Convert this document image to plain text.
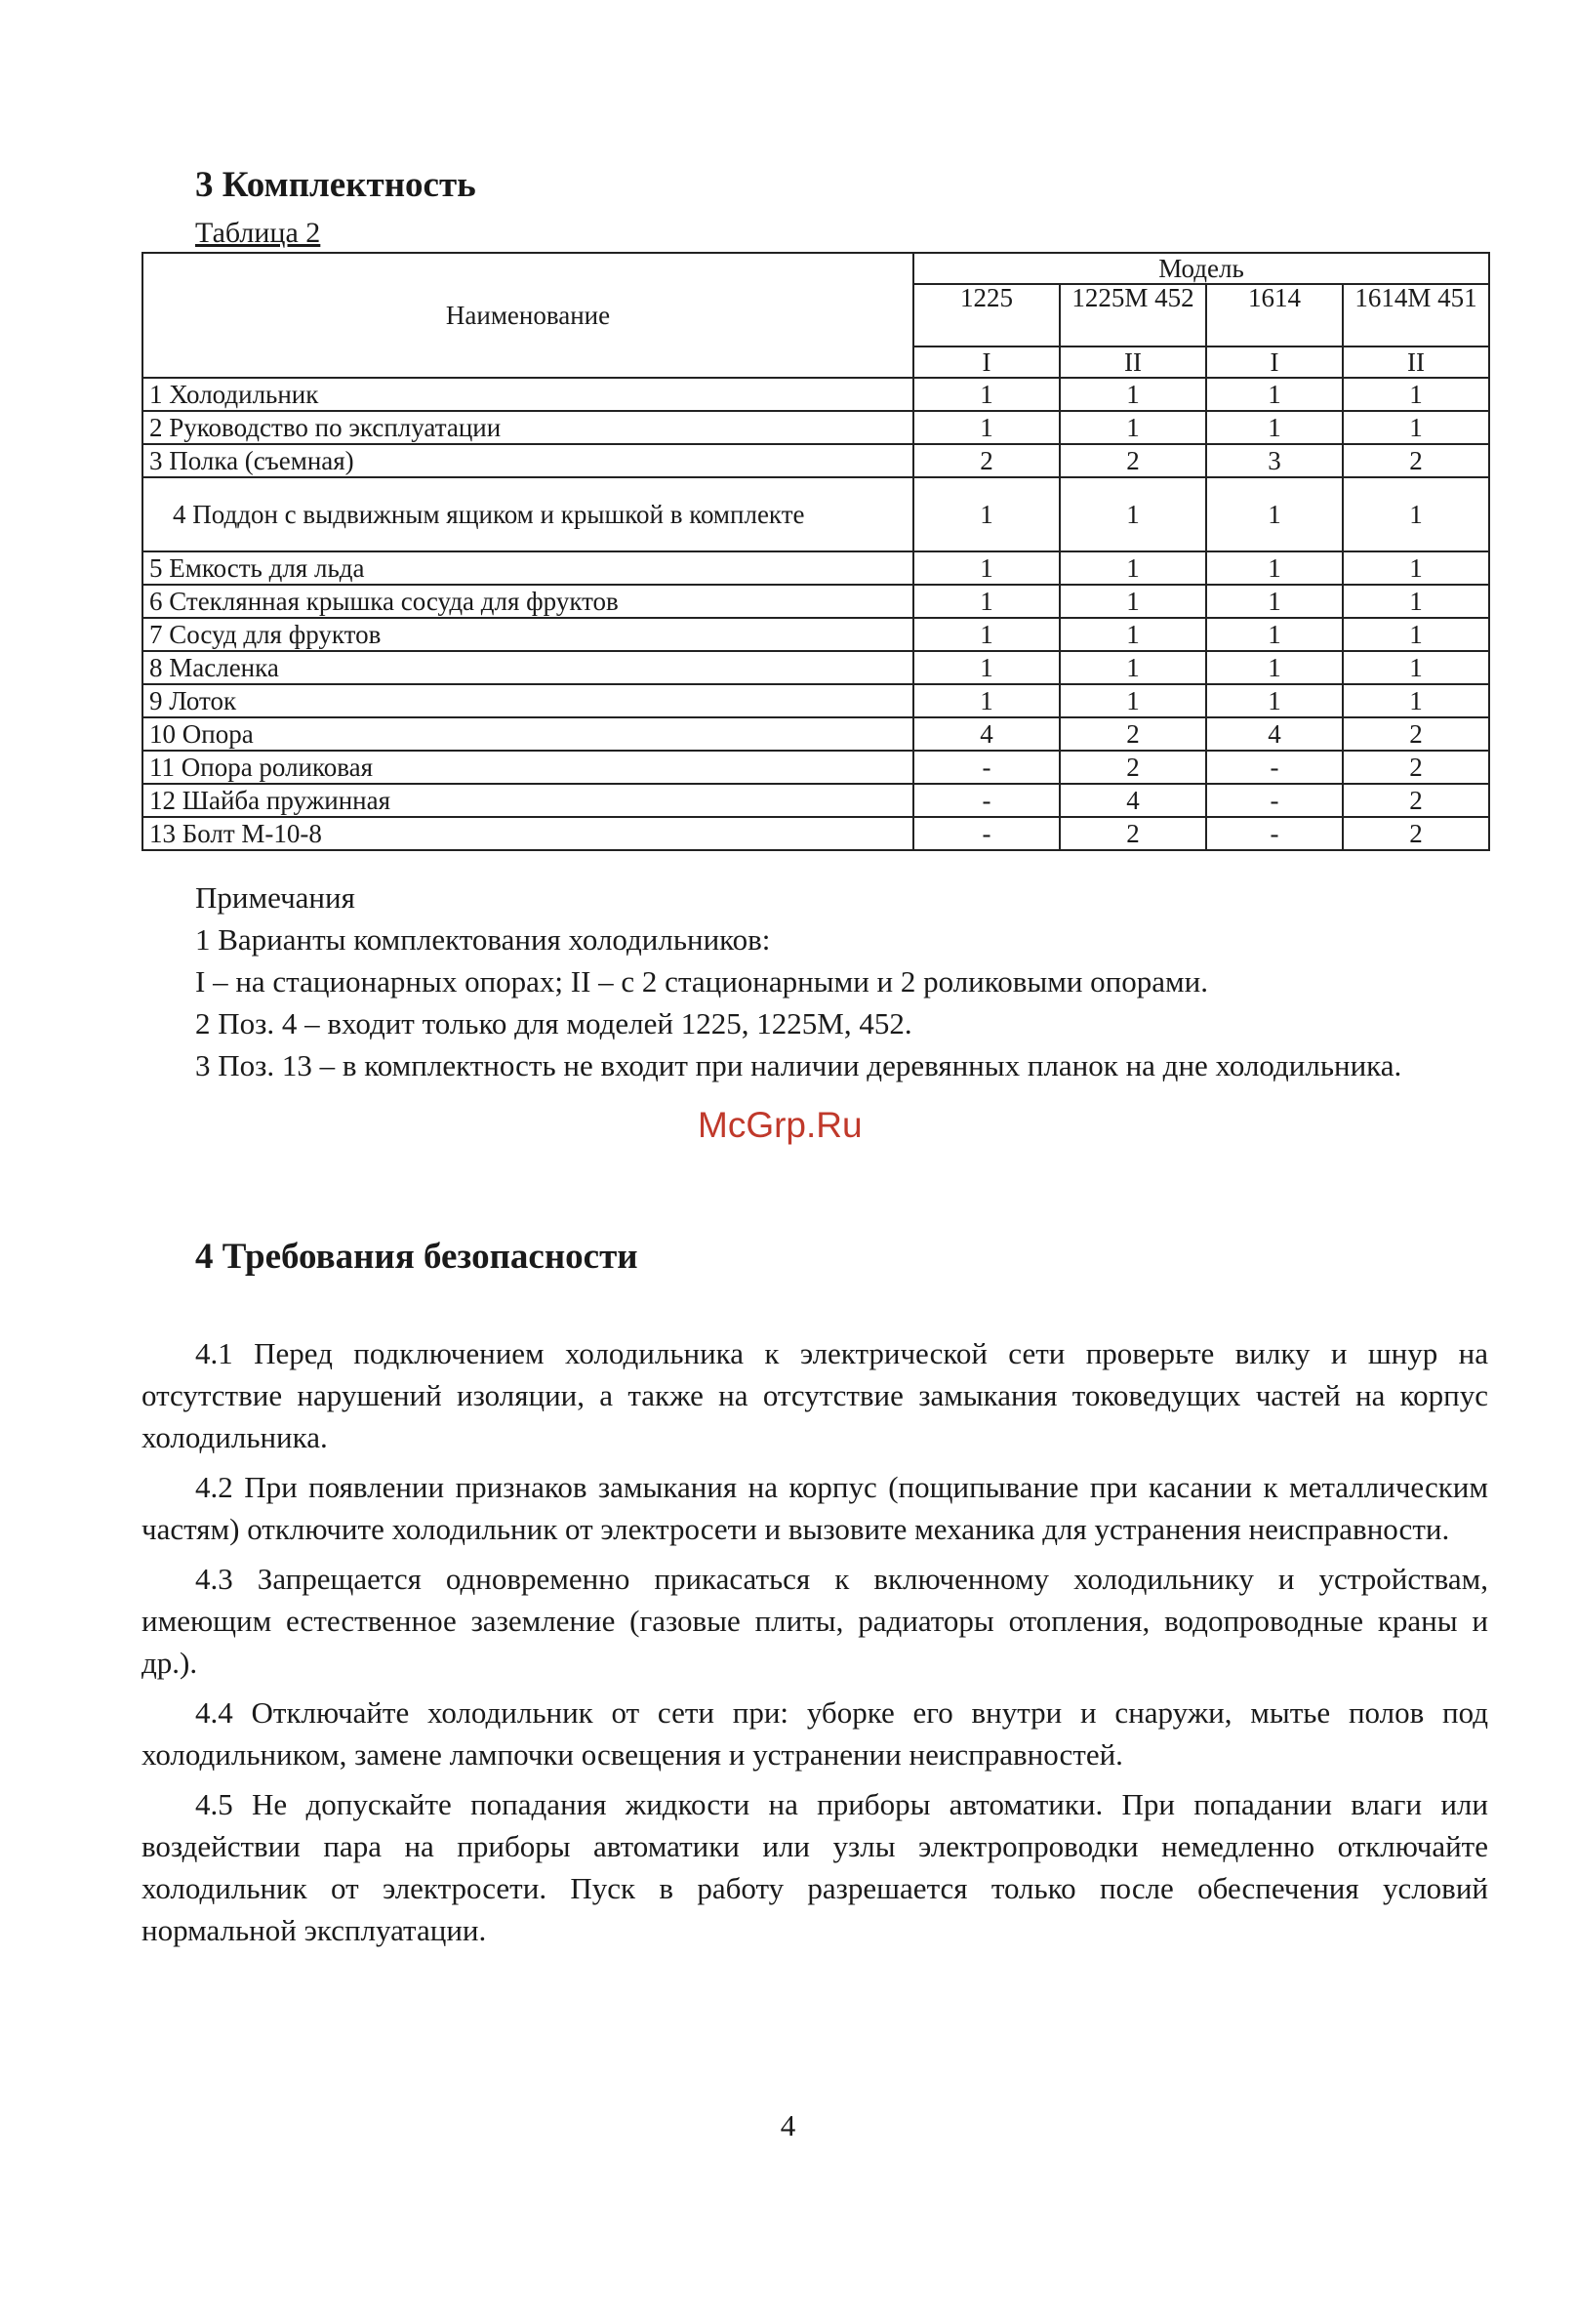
3 Комплектность
Таблица 2
Наименование	Модель			
	1225	1225M 452	1614	1614M 451
	I	II	I	II
1 Холодильник	1	1	1	1
2 Руководство по эксплуатации	1	1	1	1
3 Полка (съемная)	2	2	3	2
4 Поддон с выдвижным ящиком и крышкой в комплекте	1	1	1	1
5 Емкость для льда	1	1	1	1
6 Стеклянная крышка сосуда для фруктов	1	1	1	1
7 Сосуд для фруктов	1	1	1	1
8 Масленка	1	1	1	1
9 Лоток	1	1	1	1
10 Опора	4	2	4	2
11 Опора роликовая	-	2	-	2
12 Шайба пружинная	-	4	-	2
13 Болт М-10-8	-	2	-	2

Примечания

1 Варианты комплектования холодильников:

I – на стационарных опорах; II – с 2 стационарными и 2 роликовыми опорами.

2 Поз. 4 – входит только для моделей 1225, 1225М, 452.

3 Поз. 13 – в комплектность не входит при наличии деревянных планок на дне холодильника.

McGrp.Ru
4 Требования безопасности

4.1 Перед подключением холодильника к электрической сети проверьте вилку и шнур на отсутствие нарушений изоляции, а также на отсутствие замыкания токоведущих частей на корпус холодильника.

4.2 При появлении признаков замыкания на корпус (пощипывание при касании к металлическим частям) отключите холодильник от электросети и вызовите механика для устранения неисправности.

4.3 Запрещается одновременно прикасаться к включенному холодильнику и устройствам, имеющим естественное заземление (газовые плиты, радиаторы отопления, водопроводные краны и др.).

4.4 Отключайте холодильник от сети при: уборке его внутри и снаружи, мытье полов под холодильником, замене лампочки освещения и устранении неисправностей.

4.5 Не допускайте попадания жидкости на приборы автоматики. При попадании влаги или воздействии пара на приборы автоматики или узлы электропроводки немедленно отключайте холодильник от электросети. Пуск в работу разрешается только после обеспечения условий нормальной эксплуатации.

4
